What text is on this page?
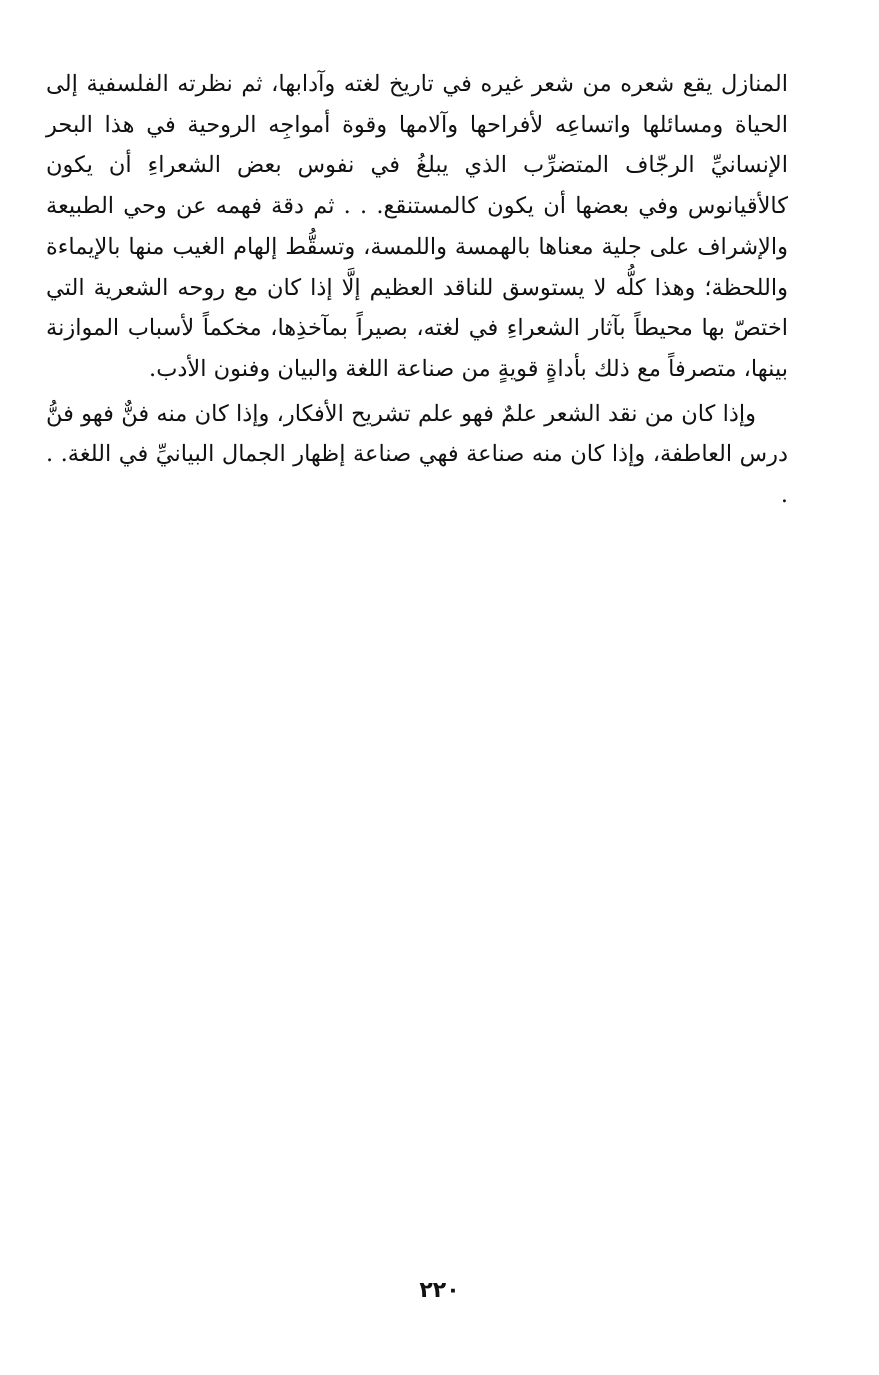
المنازل يقع شعره من شعر غيره في تاريخ لغته وآدابها، ثم نظرته الفلسفية إلى الحياة ومسائلها واتساعِه لأفراحها وآلامها وقوة أمواجِه الروحية في هذا البحر الإنسانيِّ الرجّاف المتضرِّب الذي يبلغُ في نفوس بعض الشعراءِ أن يكون كالأقيانوس وفي بعضها أن يكون كالمستنقع. . . ثم دقة فهمه عن وحي الطبيعة والإشراف على جلية معناها بالهمسة واللمسة، وتسقُّط إلهام الغيب منها بالإيماءة واللحظة؛ وهذا كلُّه لا يستوسق للناقد العظيم إلَّا إذا كان مع روحه الشعرية التي اختصّ بها محيطاً بآثار الشعراءِ في لغته، بصيراً بمآخذِها، مخكماً لأسباب الموازنة بينها، متصرفاً مع ذلك بأداةٍ قويةٍ من صناعة اللغة والبيان وفنون الأدب.

وإذا كان من نقد الشعر علمٌ فهو علم تشريح الأفكار، وإذا كان منه فنٌّ فهو فنُّ درس العاطفة، وإذا كان منه صناعة فهي صناعة إظهار الجمال البيانيِّ في اللغة. . .

٢٢٠
